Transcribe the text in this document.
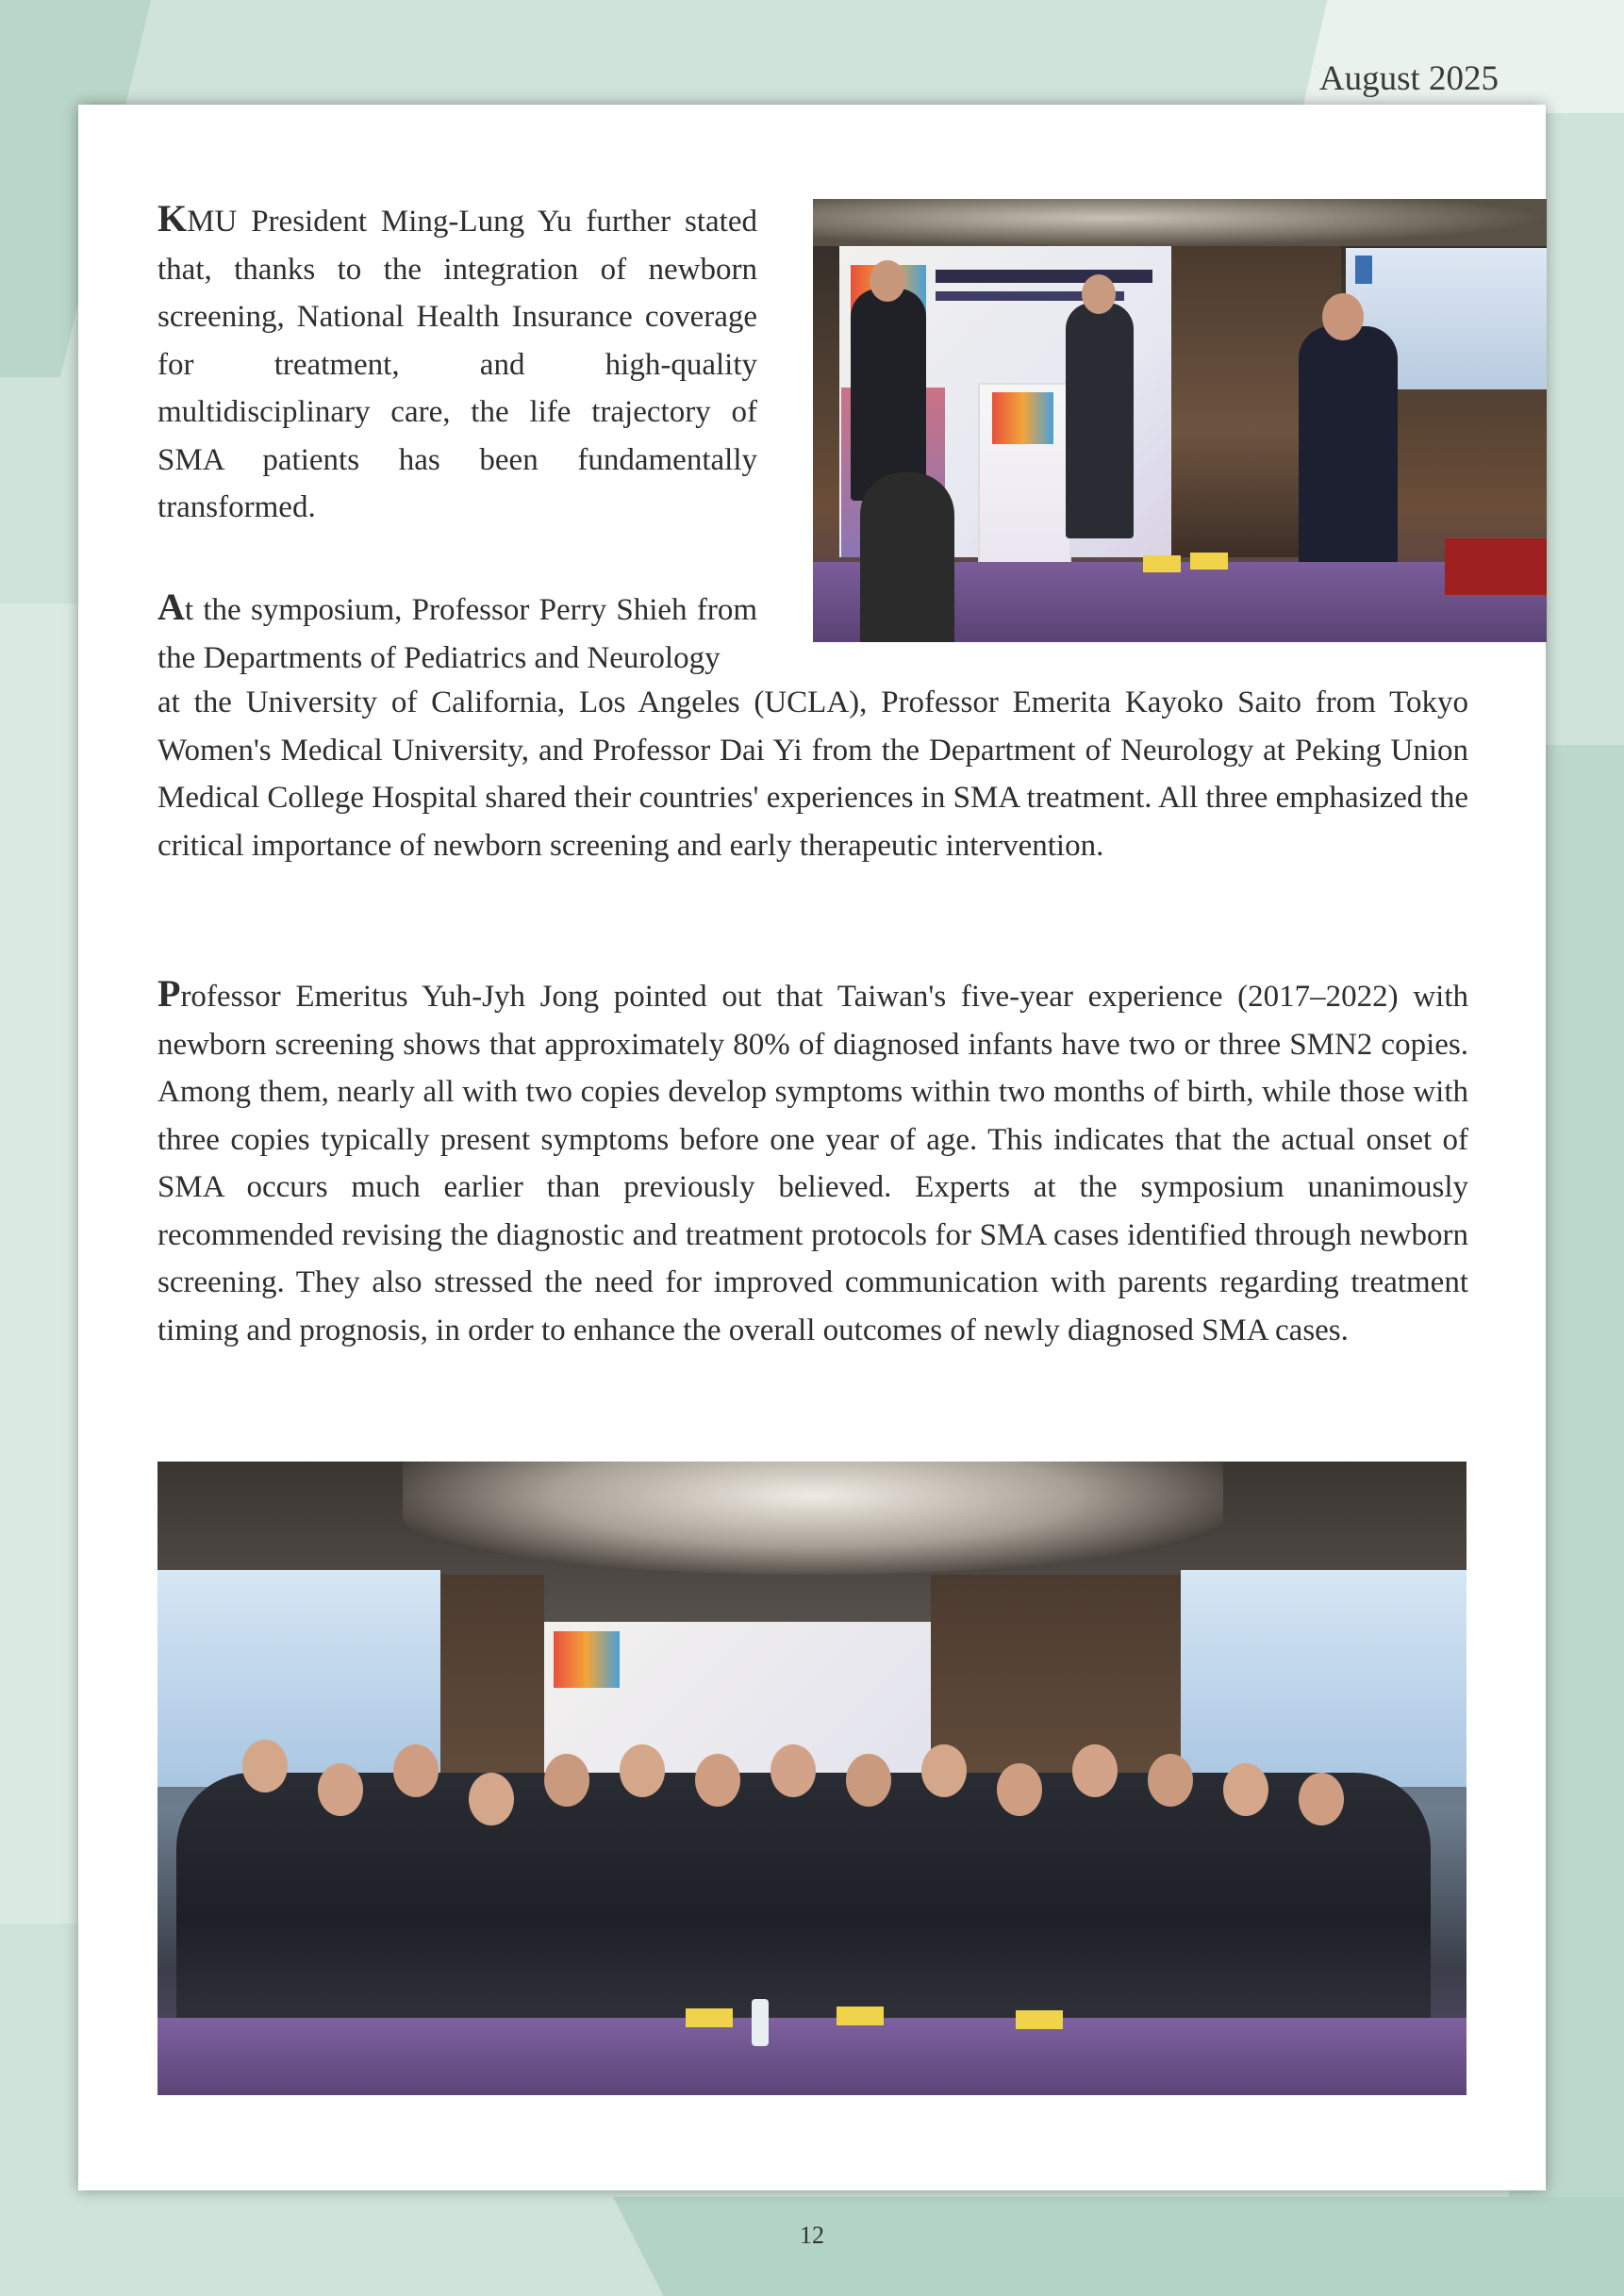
August 2025
KMU President Ming-Lung Yu further stated that, thanks to the integration of newborn screening, National Health Insurance coverage for treatment, and high-quality multidisciplinary care, the life trajectory of SMA patients has been fundamentally transformed.
At the symposium, Professor Perry Shieh from the Departments of Pediatrics and Neurology
at the University of California, Los Angeles (UCLA), Professor Emerita Kayoko Saito from Tokyo Women's Medical University, and Professor Dai Yi from the Department of Neurology at Peking Union Medical College Hospital shared their countries' experiences in SMA treatment. All three emphasized the critical importance of newborn screening and early therapeutic intervention.
Professor Emeritus Yuh-Jyh Jong pointed out that Taiwan's five-year experience (2017–2022) with newborn screening shows that approximately 80% of diagnosed infants have two or three SMN2 copies. Among them, nearly all with two copies develop symptoms within two months of birth, while those with three copies typically present symptoms before one year of age. This indicates that the actual onset of SMA occurs much earlier than previously believed. Experts at the symposium unanimously recommended revising the diagnostic and treatment protocols for SMA cases identified through newborn screening. They also stressed the need for improved communication with parents regarding treatment timing and prognosis, in order to enhance the overall outcomes of newly diagnosed SMA cases.
12
